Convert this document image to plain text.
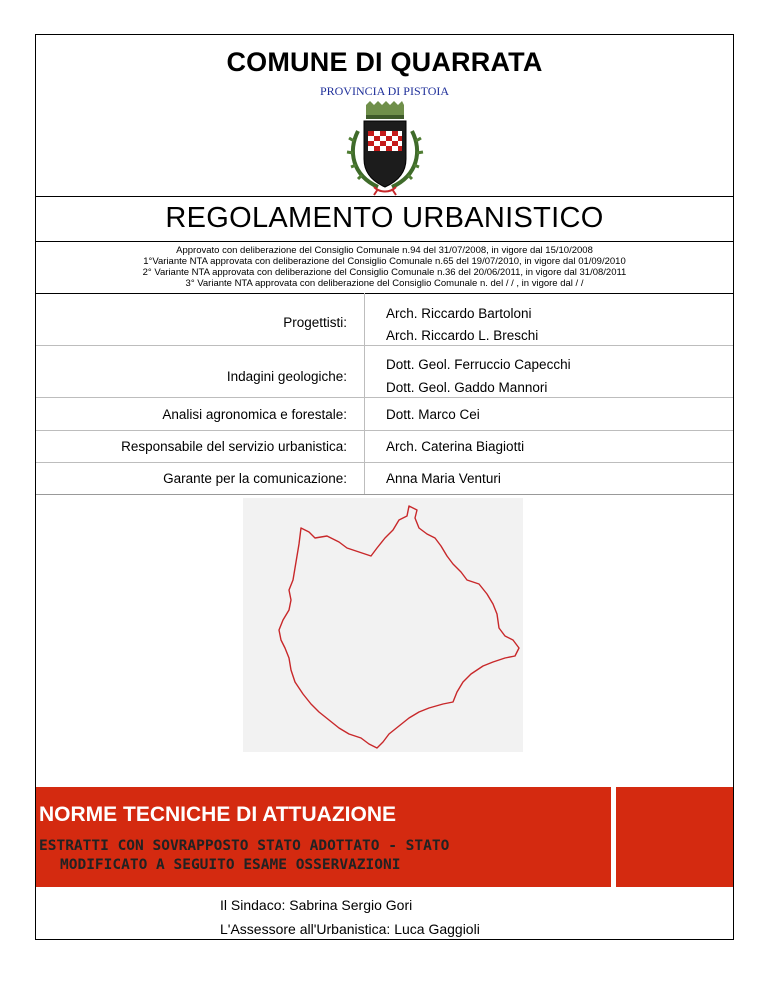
COMUNE DI QUARRATA
PROVINCIA DI PISTOIA
REGOLAMENTO URBANISTICO
Approvato con deliberazione del Consiglio Comunale n.94 del 31/07/2008, in vigore dal 15/10/2008
1°Variante NTA approvata con deliberazione del Consiglio Comunale n.65 del 19/07/2010, in vigore dal 01/09/2010
2° Variante NTA approvata con deliberazione del Consiglio Comunale n.36 del 20/06/2011, in vigore dal 31/08/2011
3° Variante NTA approvata con deliberazione del Consiglio Comunale n. del / / , in vigore dal / /
Progettisti:
Arch. Riccardo Bartoloni
Arch. Riccardo L. Breschi
Indagini geologiche:
Dott. Geol. Ferruccio Capecchi
Dott. Geol. Gaddo Mannori
Analisi agronomica e forestale:	Dott. Marco Cei
Responsabile del servizio urbanistica:	Arch. Caterina Biagiotti
Garante per la comunicazione:	Anna Maria Venturi
NORME TECNICHE DI ATTUAZIONE
ESTRATTI CON SOVRAPPOSTO STATO ADOTTATO - STATO
MODIFICATO A SEGUITO ESAME OSSERVAZIONI
Il Sindaco: Sabrina Sergio Gori
L'Assessore all'Urbanistica: Luca Gaggioli
